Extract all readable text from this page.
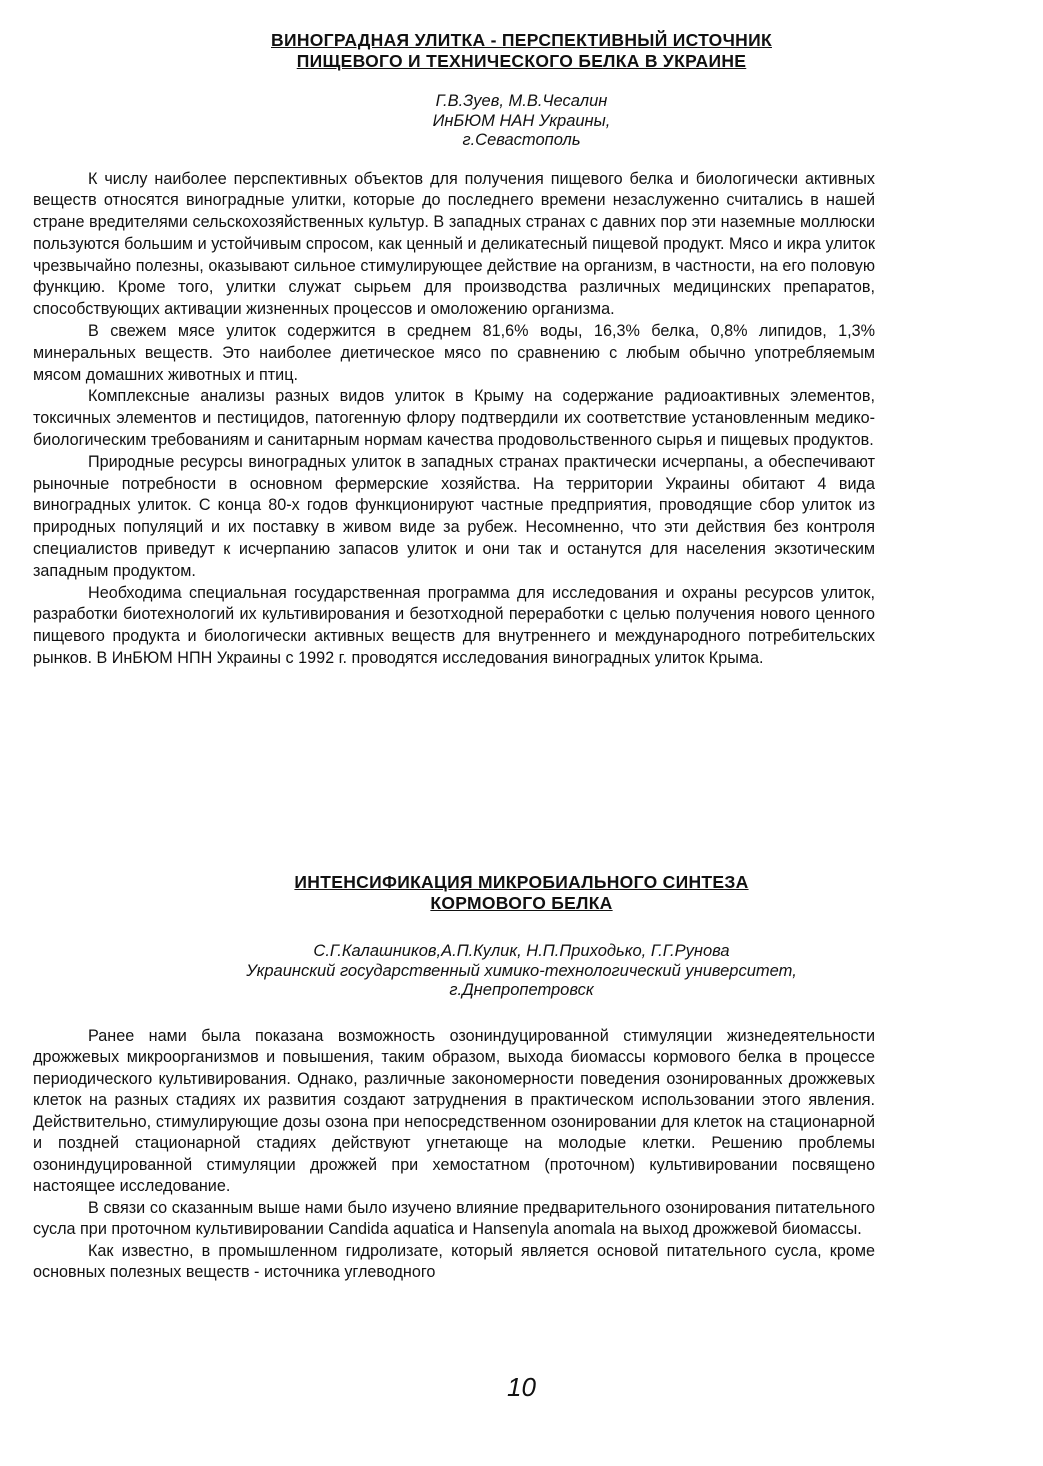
ВИНОГРАДНАЯ УЛИТКА - ПЕРСПЕКТИВНЫЙ ИСТОЧНИК
ПИЩЕВОГО И ТЕХНИЧЕСКОГО БЕЛКА В УКРАИНЕ
Г.В.Зуев, М.В.Чесалин
ИнБЮМ НАН Украины,
г.Севастополь

К числу наиболее перспективных объектов для получения пищевого белка и биологически активных веществ относятся виноградные улитки, которые до последнего времени незаслуженно считались в нашей стране вредителями сельскохозяйственных культур. В западных странах с давних пор эти наземные моллюски пользуются большим и устойчивым спросом, как ценный и деликатесный пищевой продукт. Мясо и икра улиток чрезвычайно полезны, оказывают сильное стимулирующее действие на организм, в частности, на его половую функцию. Кроме того, улитки служат сырьем для производства различных медицинских препаратов, способствующих активации жизненных процессов и омоложению организма.

В свежем мясе улиток содержится в среднем 81,6% воды, 16,3% белка, 0,8% липидов, 1,3% минеральных веществ. Это наиболее диетическое мясо по сравнению с любым обычно употребляемым мясом домашних животных и птиц.

Комплексные анализы разных видов улиток в Крыму на содержание радиоактивных элементов, токсичных элементов и пестицидов, патогенную флору подтвердили их соответствие установленным медико-биологическим требованиям и санитарным нормам качества продовольственного сырья и пищевых продуктов.

Природные ресурсы виноградных улиток в западных странах практически исчерпаны, а обеспечивают рыночные потребности в основном фермерские хозяйства. На территории Украины обитают 4 вида виноградных улиток. С конца 80-х годов функционируют частные предприятия, проводящие сбор улиток из природных популяций и их поставку в живом виде за рубеж. Несомненно, что эти действия без контроля специалистов приведут к исчерпанию запасов улиток и они так и останутся для населения экзотическим западным продуктом.

Необходима специальная государственная программа для исследования и охраны ресурсов улиток, разработки биотехнологий их культивирования и безотходной переработки с целью получения нового ценного пищевого продукта и биологически активных веществ для внутреннего и международного потребительских рынков. В ИнБЮМ НПН Украины с 1992 г. проводятся исследования виноградных улиток Крыма.

ИНТЕНСИФИКАЦИЯ МИКРОБИАЛЬНОГО СИНТЕЗА
КОРМОВОГО БЕЛКА
С.Г.Калашников,А.П.Кулик, Н.П.Приходько, Г.Г.Рунова
Украинский государственный химико-технологический университет,
г.Днепропетровск

Ранее нами была показана возможность озониндуцированной стимуляции жизнедеятельности дрожжевых микроорганизмов и повышения, таким образом, выхода биомассы кормового белка в процессе периодического культивирования. Однако, различные закономерности поведения озонированных дрожжевых клеток на разных стадиях их развития создают затруднения в практическом использовании этого явления. Действительно, стимулирующие дозы озона при непосредственном озонировании для клеток на стационарной и поздней стационарной стадиях действуют угнетающе на молодые клетки. Решению проблемы озониндуцированной стимуляции дрожжей при хемостатном (проточном) культивировании посвящено настоящее исследование.

В связи со сказанным выше нами было изучено влияние предварительного озонирования питательного сусла при проточном культивировании Candida aquatica и Hansenyla anomala на выход дрожжевой биомассы.

Как известно, в промышленном гидролизате, который является основой питательного сусла, кроме основных полезных веществ - источника углеводного

10
